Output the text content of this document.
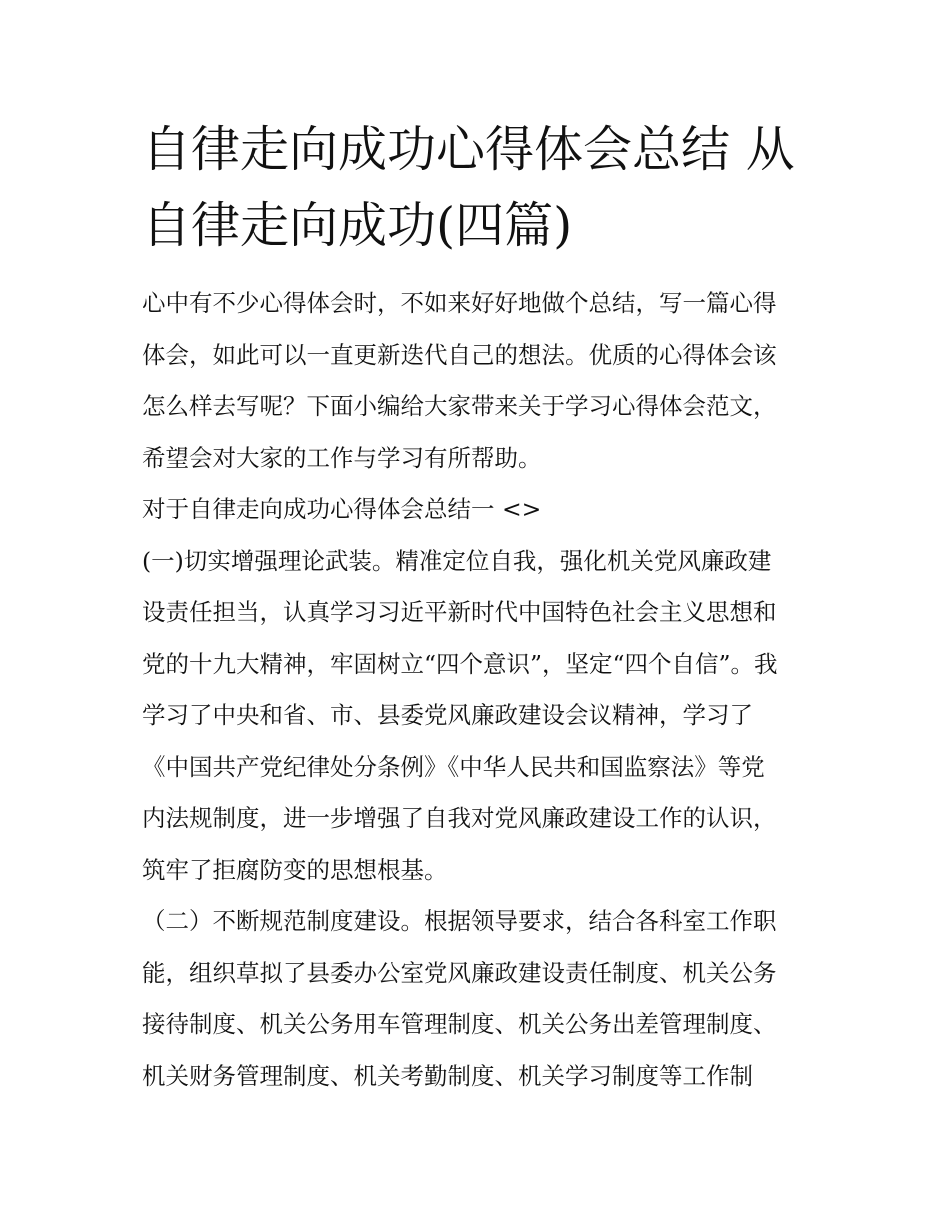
自律走向成功心得体会总结 从
自律走向成功(四篇)
心中有不少心得体会时，不如来好好地做个总结，写一篇心得
体会，如此可以一直更新迭代自己的想法。优质的心得体会该
怎么样去写呢？下面小编给大家带来关于学习心得体会范文，
希望会对大家的工作与学习有所帮助。
对于自律走向成功心得体会总结一 <>
(一)切实增强理论武装。精准定位自我，强化机关党风廉政建
设责任担当，认真学习习近平新时代中国特色社会主义思想和
党的十九大精神，牢固树立“四个意识”，坚定“四个自信”。我
学习了中央和省、市、县委党风廉政建设会议精神，学习了
《中国共产党纪律处分条例》《中华人民共和国监察法》等党
内法规制度，进一步增强了自我对党风廉政建设工作的认识，
筑牢了拒腐防变的思想根基。
（二）不断规范制度建设。根据领导要求，结合各科室工作职
能，组织草拟了县委办公室党风廉政建设责任制度、机关公务
接待制度、机关公务用车管理制度、机关公务出差管理制度、
机关财务管理制度、机关考勤制度、机关学习制度等工作制
